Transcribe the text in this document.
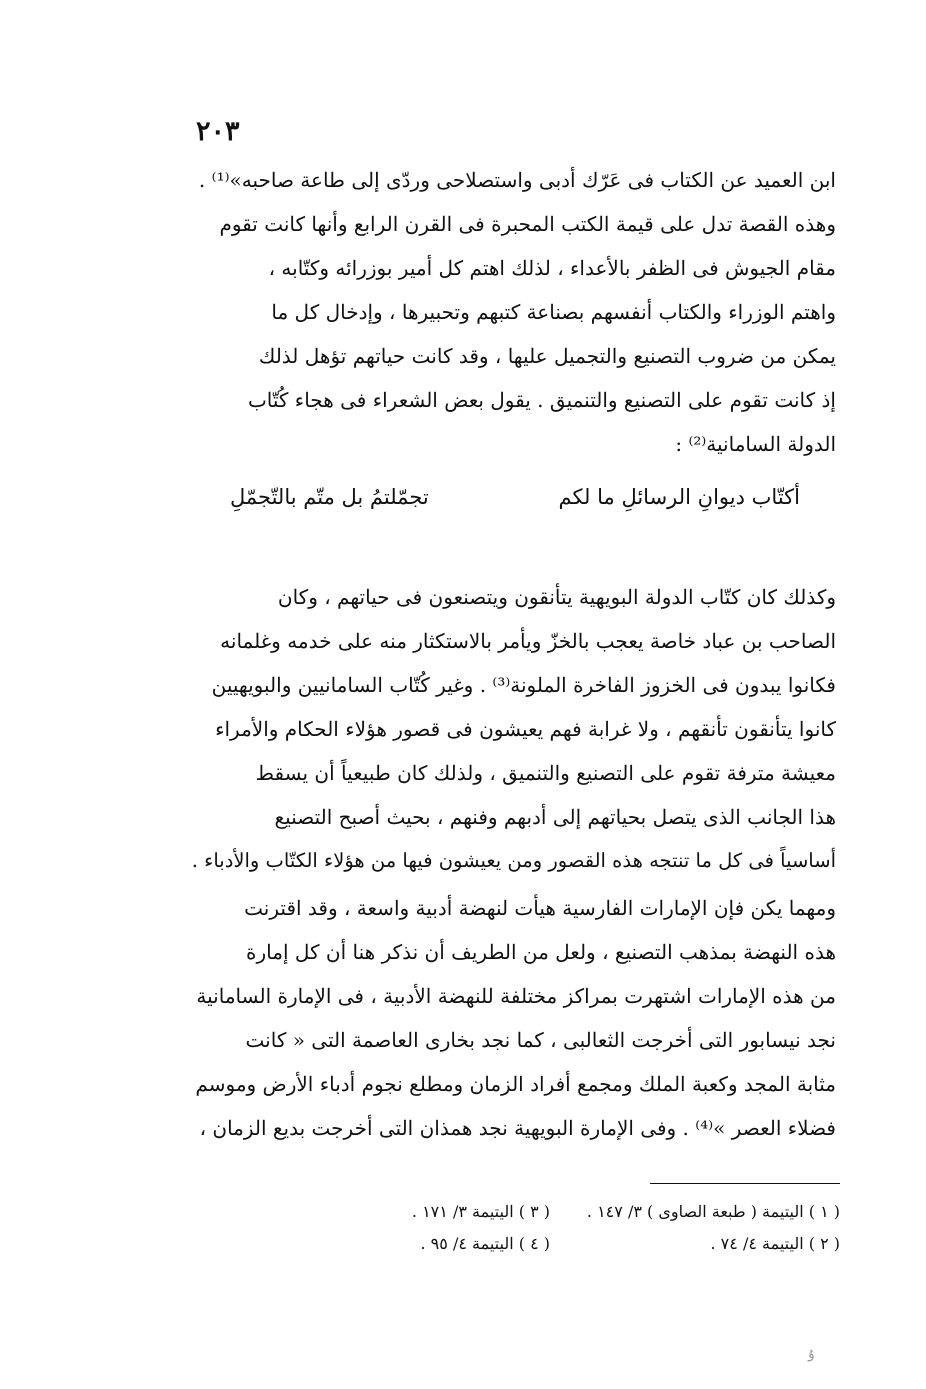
٢٠٣
ابن العميد عن الكتاب فى عَرّك أدبى واستصلاحى وردّى إلى طاعة صاحبه»⁽¹⁾ .
وهذه القصة تدل على قيمة الكتب المحبرة فى القرن الرابع وأنها كانت تقوم
مقام الجيوش فى الظفر بالأعداء ، لذلك اهتم كل أمير بوزرائه وكتّابه ،
واهتم الوزراء والكتاب أنفسهم بصناعة كتبهم وتحبيرها ، وإدخال كل ما
يمكن من ضروب التصنيع والتجميل عليها ، وقد كانت حياتهم تؤهل لذلك
إذ كانت تقوم على التصنيع والتنميق . يقول بعض الشعراء فى هجاء كُتّاب
الدولة السامانية⁽²⁾ :
أكتّاب ديوانِ الرسائلِ ما لكم
تجمّلتمُ بل متّم بالتّجمّلِ
وكذلك كان كتّاب الدولة البويهية يتأنقون ويتصنعون فى حياتهم ، وكان
الصاحب بن عباد خاصة يعجب بالخزّ ويأمر بالاستكثار منه على خدمه وغلمانه
فكانوا يبدون فى الخزوز الفاخرة الملونة⁽³⁾ . وغير كُتّاب السامانيين والبويهيين
كانوا يتأنقون تأنقهم ، ولا غرابة فهم يعيشون فى قصور هؤلاء الحكام والأمراء
معيشة مترفة تقوم على التصنيع والتنميق ، ولذلك كان طبيعياً أن يسقط
هذا الجانب الذى يتصل بحياتهم إلى أدبهم وفنهم ، بحيث أصبح التصنيع
أساسياً فى كل ما تنتجه هذه القصور ومن يعيشون فيها من هؤلاء الكتّاب والأدباء .
ومهما يكن فإن الإمارات الفارسية هيأت لنهضة أدبية واسعة ، وقد اقترنت
هذه النهضة بمذهب التصنيع ، ولعل من الطريف أن نذكر هنا أن كل إمارة
من هذه الإمارات اشتهرت بمراكز مختلفة للنهضة الأدبية ، فى الإمارة السامانية
نجد نيسابور التى أخرجت الثعالبى ، كما نجد بخارى العاصمة التى « كانت
مثابة المجد وكعبة الملك ومجمع أفراد الزمان ومطلع نجوم أدباء الأرض وموسم
فضلاء العصر »⁽⁴⁾ . وفى الإمارة البويهية نجد همذان التى أخرجت بديع الزمان ،
( ١ ) اليتيمة ( طبعة الصاوى ) ٣/ ١٤٧ .
( ٢ ) اليتيمة ٤/ ٧٤ .
( ٣ ) اليتيمة ٣/ ١٧١ .
( ٤ ) اليتيمة ٤/ ٩٥ .
ﯗ
